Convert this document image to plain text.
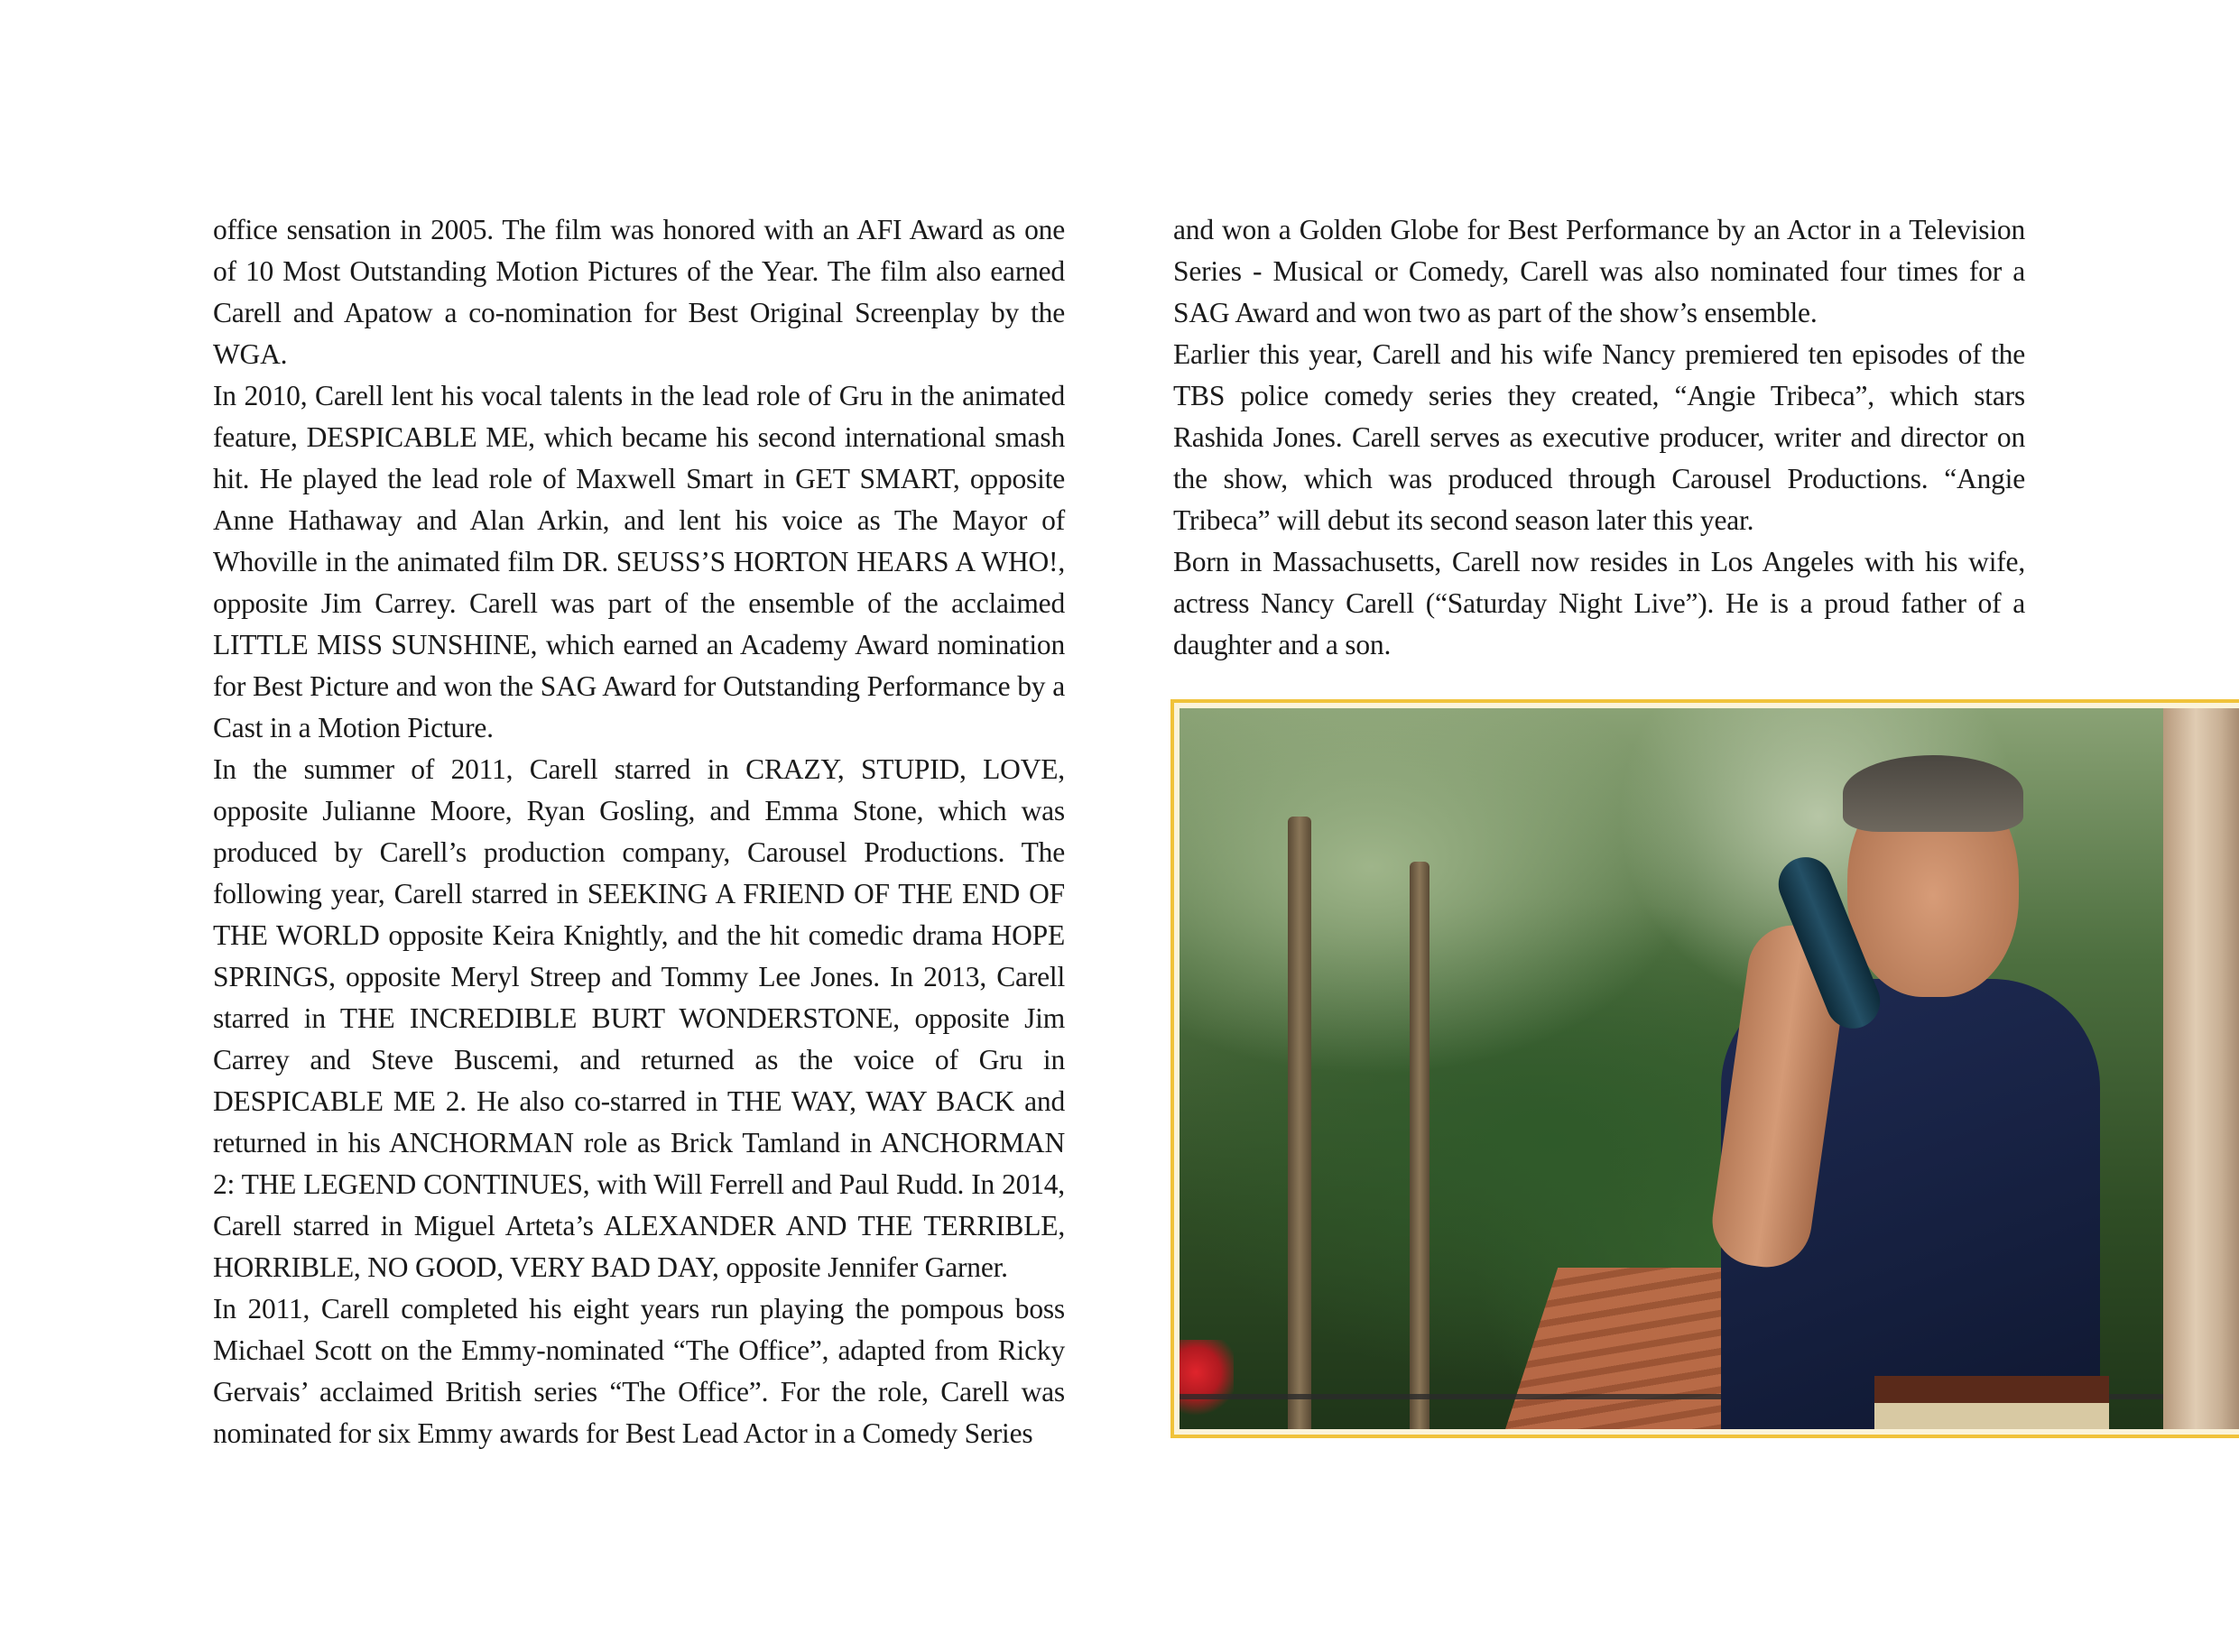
office sensation in 2005. The film was honored with an AFI Award as one of 10 Most Outstanding Motion Pictures of the Year. The film also earned Carell and Apatow a co-nomination for Best Original Screenplay by the WGA.

In 2010, Carell lent his vocal talents in the lead role of Gru in the animated feature, DESPICABLE ME, which became his second international smash hit. He played the lead role of Maxwell Smart in GET SMART, opposite Anne Hathaway and Alan Arkin, and lent his voice as The Mayor of Whoville in the animated film DR. SEUSS’S HORTON HEARS A WHO!, opposite Jim Carrey. Carell was part of the ensemble of the acclaimed LITTLE MISS SUNSHINE, which earned an Academy Award nomination for Best Picture and won the SAG Award for Outstanding Performance by a Cast in a Motion Picture.

In the summer of 2011, Carell starred in CRAZY, STUPID, LOVE, opposite Julianne Moore, Ryan Gosling, and Emma Stone, which was produced by Carell’s production company, Carousel Productions. The following year, Carell starred in SEEKING A FRIEND OF THE END OF THE WORLD opposite Keira Knightly, and the hit comedic drama HOPE SPRINGS, opposite Meryl Streep and Tommy Lee Jones. In 2013, Carell starred in THE INCREDIBLE BURT WONDERSTONE, opposite Jim Carrey and Steve Buscemi, and returned as the voice of Gru in DESPICABLE ME 2. He also co-starred in THE WAY, WAY BACK and returned in his ANCHORMAN role as Brick Tamland in ANCHORMAN 2: THE LEGEND CONTINUES, with Will Ferrell and Paul Rudd. In 2014, Carell starred in Miguel Arteta’s ALEXANDER AND THE TERRIBLE, HORRIBLE, NO GOOD, VERY BAD DAY, opposite Jennifer Garner.

In 2011, Carell completed his eight years run playing the pompous boss Michael Scott on the Emmy-nominated “The Office”, adapted from Ricky Gervais’ acclaimed British series “The Office”. For the role, Carell was nominated for six Emmy awards for Best Lead Actor in a Comedy Series

and won a Golden Globe for Best Performance by an Actor in a Television Series - Musical or Comedy, Carell was also nominated four times for a SAG Award and won two as part of the show’s ensemble.

Earlier this year, Carell and his wife Nancy premiered ten episodes of the TBS police comedy series they created, “Angie Tribeca”, which stars Rashida Jones. Carell serves as executive producer, writer and director on the show, which was produced through Carousel Productions. “Angie Tribeca” will debut its second season later this year.

Born in Massachusetts, Carell now resides in Los Angeles with his wife, actress Nancy Carell (“Saturday Night Live”). He is a proud father of a daughter and a son.
